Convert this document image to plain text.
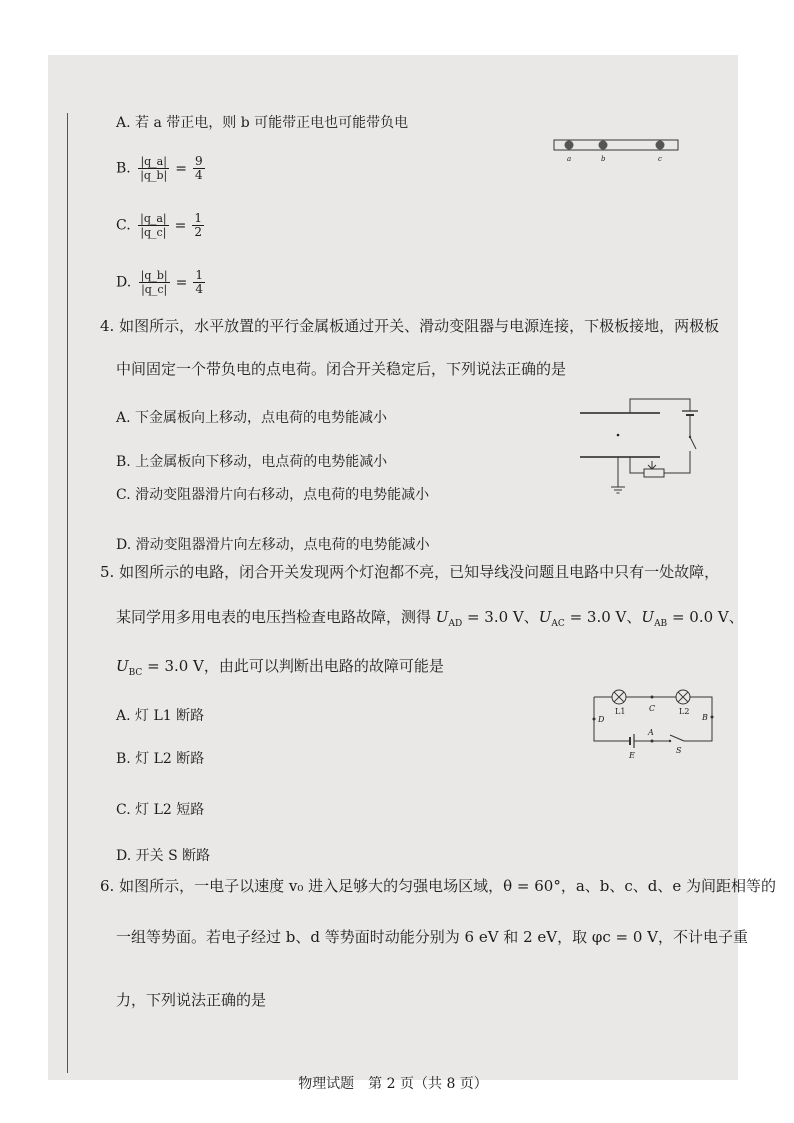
A. 若 a 带正电，则 b 可能带正电也可能带负电
B. $\frac{|q\_a|}{|q\_b|} = \frac{9}{4}$
C. $\frac{|q\_a|}{|q\_c|} = \frac{1}{2}$
D. $\frac{|q\_b|}{|q\_c|} = \frac{1}{4}$
a	b	c
4. 如图所示，水平放置的平行金属板通过开关、滑动变阻器与电源连接，下极板接地，两极板
中间固定一个带负电的点电荷。闭合开关稳定后，下列说法正确的是
A. 下金属板向上移动，点电荷的电势能减小
B. 上金属板向下移动，电点荷的电势能减小
C. 滑动变阻器滑片向右移动，点电荷的电势能减小
D. 滑动变阻器滑片向左移动，点电荷的电势能减小
5. 如图所示的电路，闭合开关发现两个灯泡都不亮，已知导线没问题且电路中只有一处故障，
某同学用多用电表的电压挡检查电路故障，测得 $U_{AD} = 3.0$ V、$U_{AC} = 3.0$ V、$U_{AB} = 0.0$ V、
$U_{BC} = 3.0$ V，由此可以判断出电路的故障可能是
A. 灯 L1 断路
B. 灯 L2 断路
C. 灯 L2 短路
D. 开关 S 断路
L1	L2
C
B
A
D
E
S
6. 如图所示，一电子以速度 v₀ 进入足够大的匀强电场区域，θ = 60°，a、b、c、d、e 为间距相等的
一组等势面。若电子经过 b、d 等势面时动能分别为 6 eV 和 2 eV，取 φc = 0 V，不计电子重
力，下列说法正确的是
物理试题　第 2 页（共 8 页）
